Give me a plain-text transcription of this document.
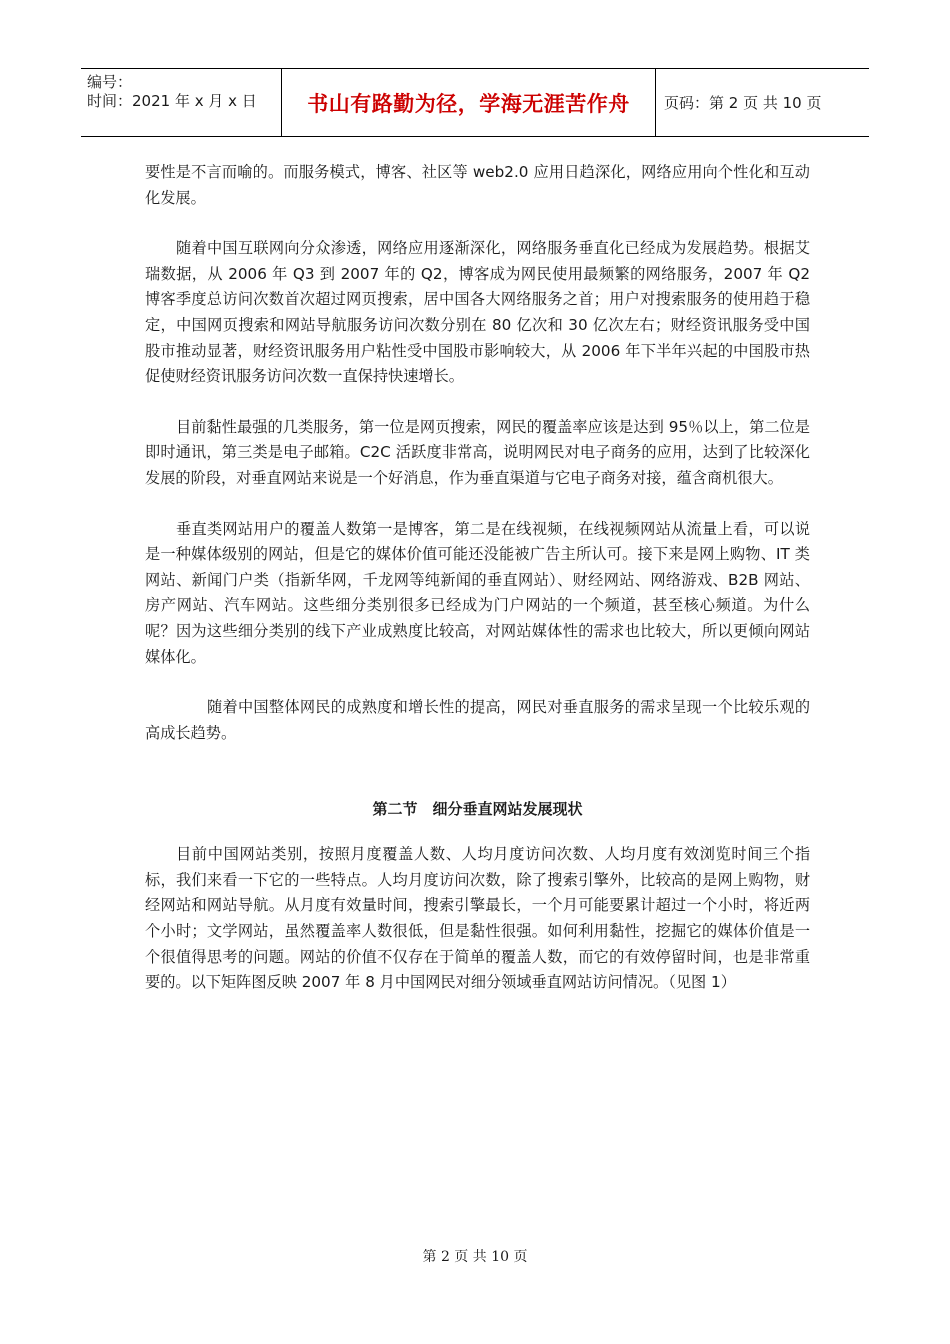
编号：
时间：2021 年 x 月 x 日	书山有路勤为径，学海无涯苦作舟 页码：第 2 页 共 10 页

要性是不言而喻的。而服务模式，博客、社区等 web2.0 应用日趋深化，网络应用向个性化和互动化发展。

随着中国互联网向分众渗透，网络应用逐渐深化，网络服务垂直化已经成为发展趋势。根据艾瑞数据，从 2006 年 Q3 到 2007 年的 Q2，博客成为网民使用最频繁的网络服务，2007 年 Q2 博客季度总访问次数首次超过网页搜索，居中国各大网络服务之首；用户对搜索服务的使用趋于稳定，中国网页搜索和网站导航服务访问次数分别在 80 亿次和 30 亿次左右；财经资讯服务受中国股市推动显著，财经资讯服务用户粘性受中国股市影响较大，从 2006 年下半年兴起的中国股市热促使财经资讯服务访问次数一直保持快速增长。

目前黏性最强的几类服务，第一位是网页搜索，网民的覆盖率应该是达到 95％以上，第二位是即时通讯，第三类是电子邮箱。C2C 活跃度非常高，说明网民对电子商务的应用，达到了比较深化发展的阶段，对垂直网站来说是一个好消息，作为垂直渠道与它电子商务对接，蕴含商机很大。

垂直类网站用户的覆盖人数第一是博客，第二是在线视频，在线视频网站从流量上看，可以说是一种媒体级别的网站，但是它的媒体价值可能还没能被广告主所认可。接下来是网上购物、IT 类网站、新闻门户类（指新华网，千龙网等纯新闻的垂直网站）、财经网站、网络游戏、B2B 网站、房产网站、汽车网站。这些细分类别很多已经成为门户网站的一个频道，甚至核心频道。为什么呢？因为这些细分类别的线下产业成熟度比较高，对网站媒体性的需求也比较大，所以更倾向网站媒体化。

随着中国整体网民的成熟度和增长性的提高，网民对垂直服务的需求呈现一个比较乐观的高成长趋势。

第二节　细分垂直网站发展现状

目前中国网站类别，按照月度覆盖人数、人均月度访问次数、人均月度有效浏览时间三个指标，我们来看一下它的一些特点。人均月度访问次数，除了搜索引擎外，比较高的是网上购物，财经网站和网站导航。从月度有效量时间，搜索引擎最长，一个月可能要累计超过一个小时，将近两个小时；文学网站，虽然覆盖率人数很低，但是黏性很强。如何利用黏性，挖掘它的媒体价值是一个很值得思考的问题。网站的价值不仅存在于简单的覆盖人数，而它的有效停留时间，也是非常重要的。以下矩阵图反映 2007 年 8 月中国网民对细分领域垂直网站访问情况。（见图 1）

第 2 页 共 10 页
